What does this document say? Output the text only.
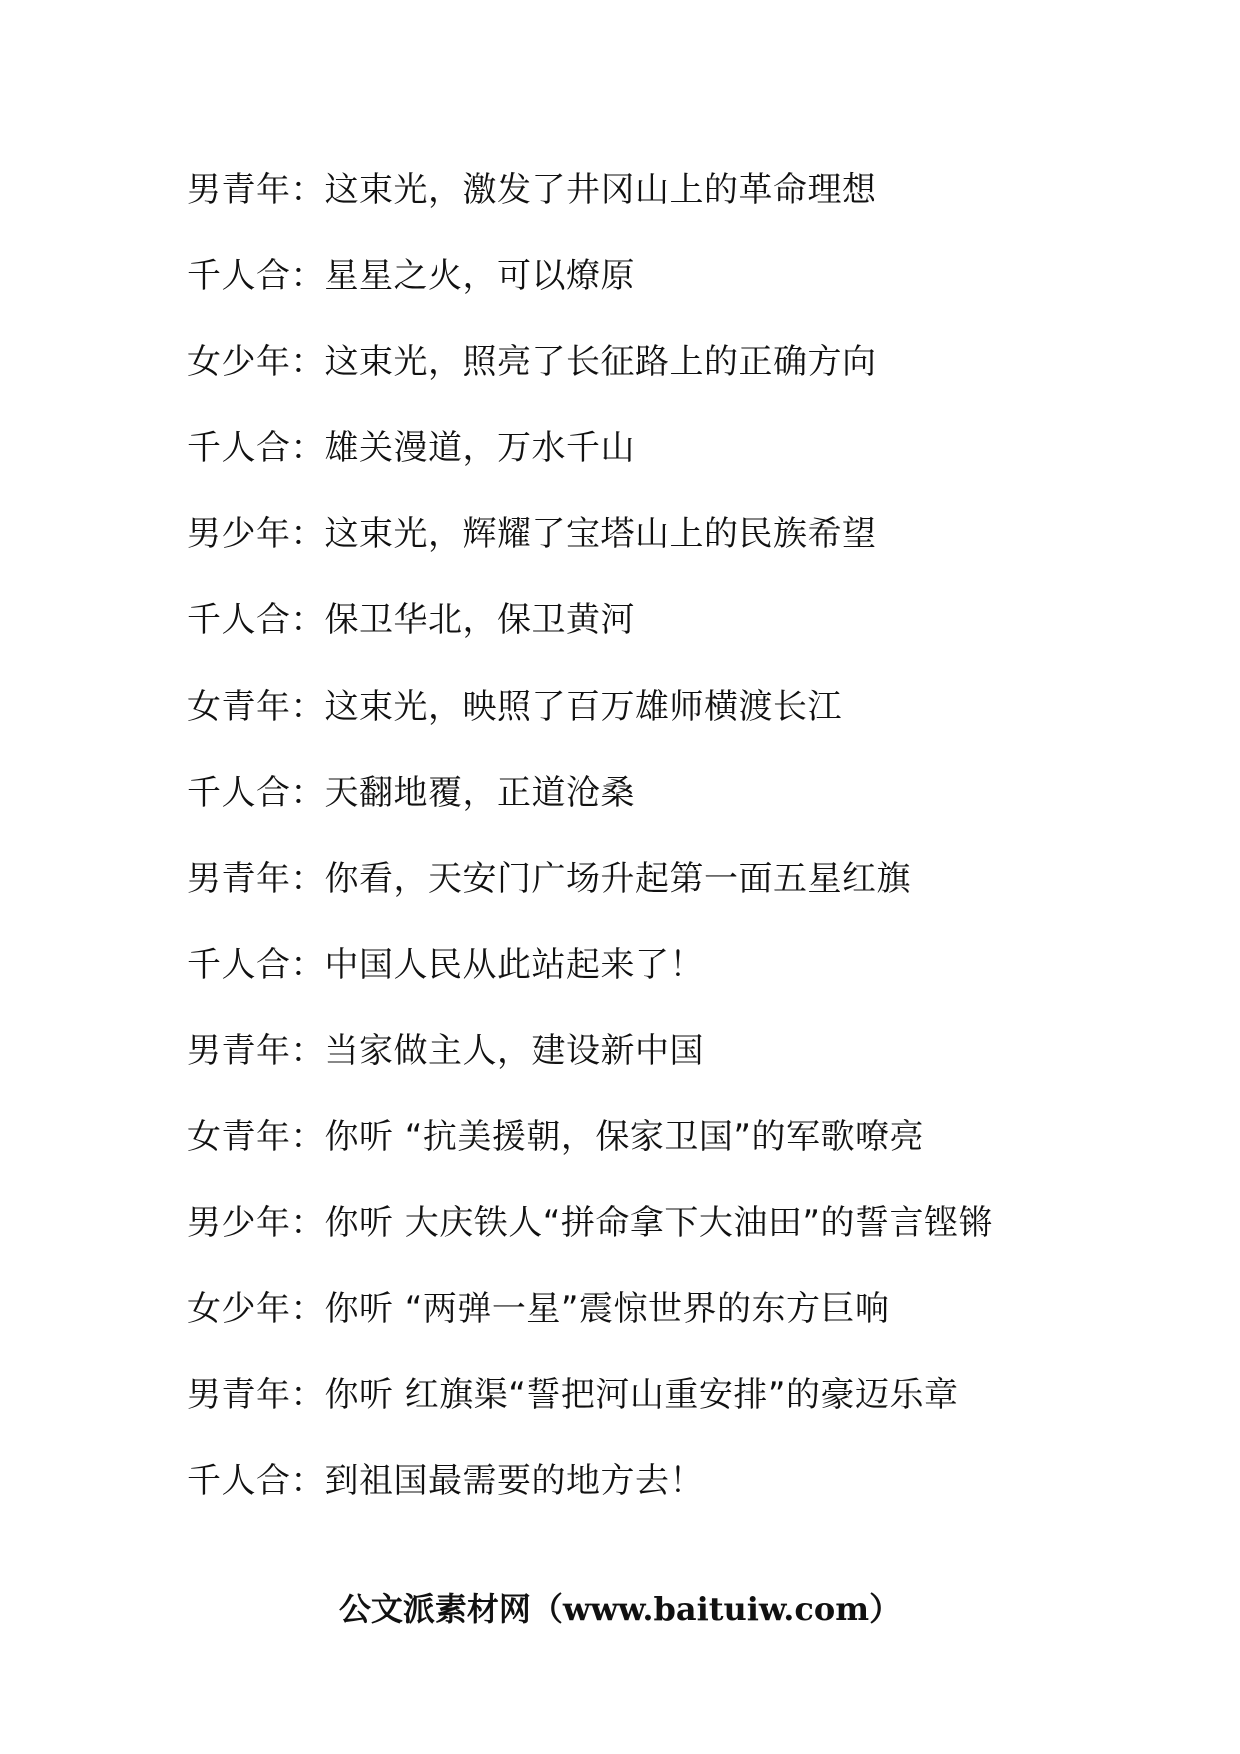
男青年 ： 这束光，激发了井冈山上的革命理想
千人合 ： 星星之火，可以燎原
女少年 ： 这束光，照亮了长征路上的正确方向
千人合 ： 雄关漫道，万水千山
男少年 ： 这束光，辉耀了宝塔山上的民族希望
千人合 ： 保卫华北，保卫黄河
女青年 ： 这束光，映照了百万雄师横渡长江
千人合 ： 天翻地覆，正道沧桑
男青年 ： 你看，天安门广场升起第一面五星红旗
千人合 ： 中国人民从此站起来了！
男青年 ： 当家做主人，建设新中国
女青年 ： 你听 “抗美援朝，保家卫国”的军歌嘹亮
男少年 ： 你听 大庆铁人“拼命拿下大油田”的誓言铿锵
女少年 ： 你听 “两弹一星”震惊世界的东方巨响
男青年 ： 你听 红旗渠“誓把河山重安排”的豪迈乐章
千人合 ： 到祖国最需要的地方去！
公文派素材网（www.baituiw.com）
